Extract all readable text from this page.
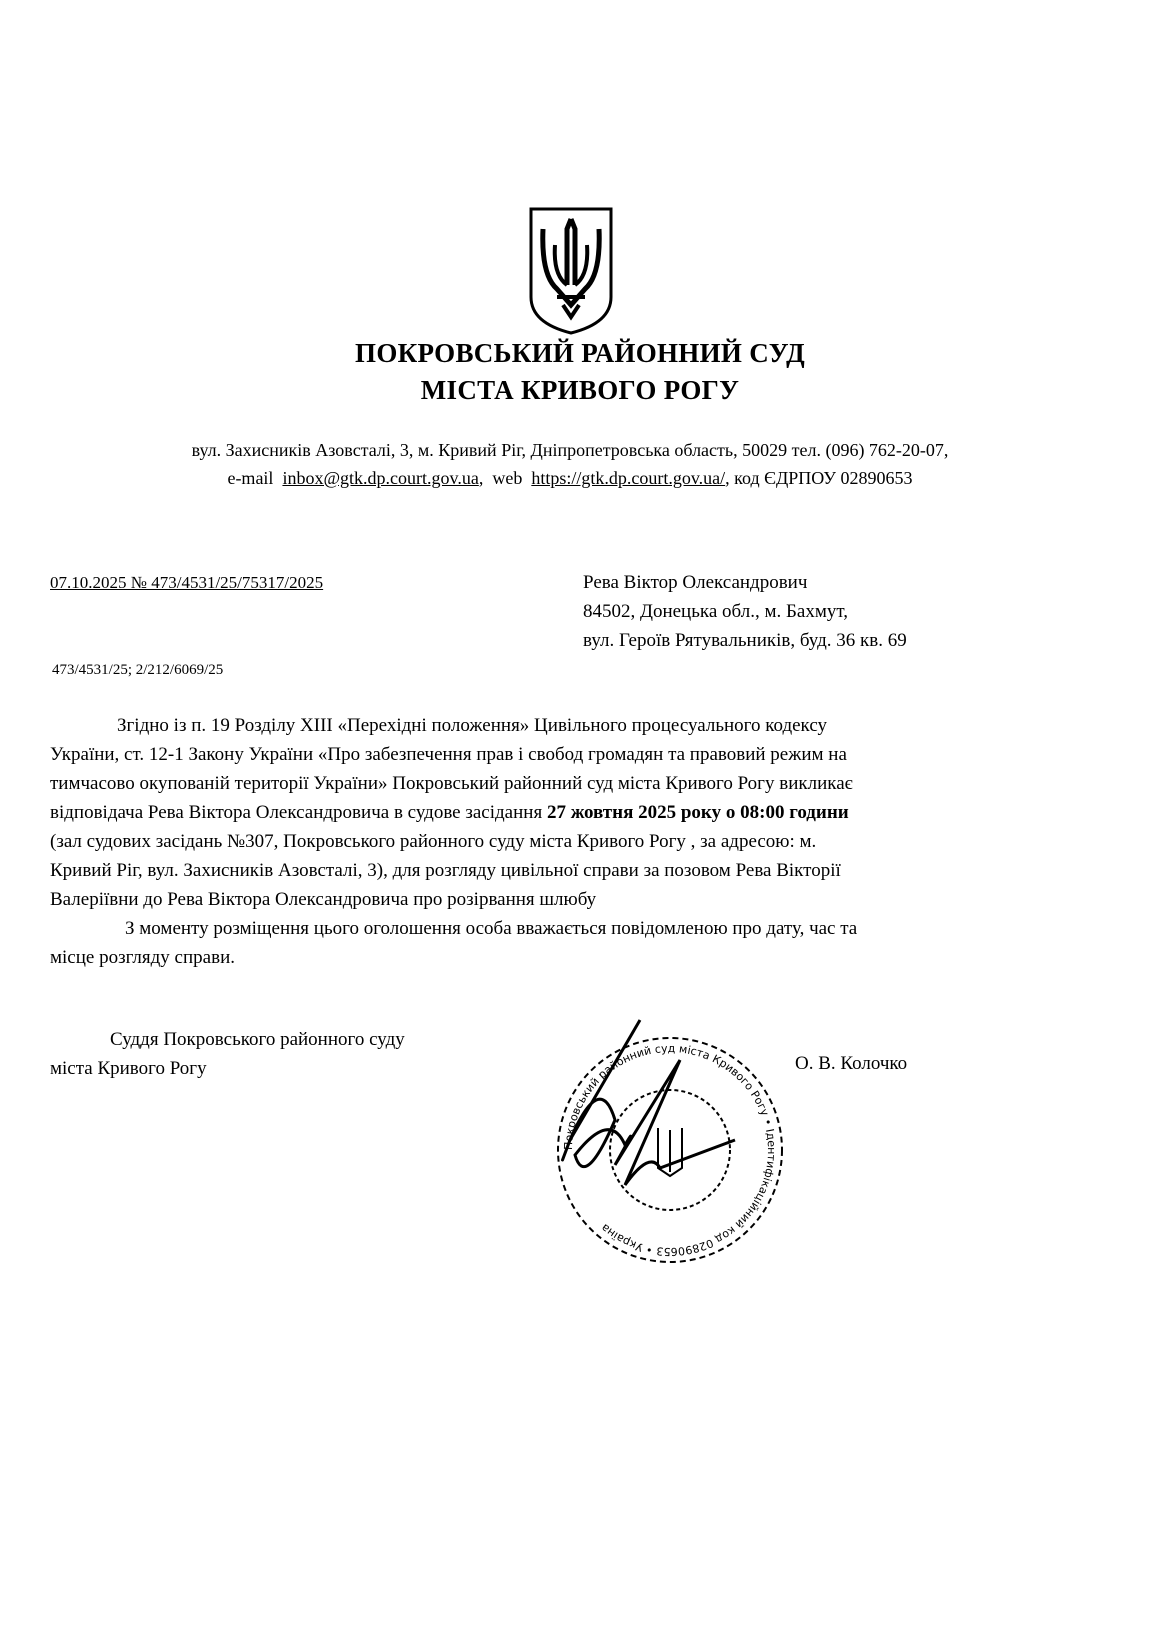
ПОКРОВСЬКИЙ РАЙОННИЙ СУД
МІСТА КРИВОГО РОГУ
вул. Захисників Азовсталі, 3, м. Кривий Ріг, Дніпропетровська область, 50029 тел. (096) 762-20-07,
e-mail inbox@gtk.dp.court.gov.ua,  web https://gtk.dp.court.gov.ua/, код ЄДРПОУ 02890653
07.10.2025 № 473/4531/25/75317/2025
473/4531/25; 2/212/6069/25
Рева Віктор Олександрович
84502, Донецька обл., м. Бахмут,
вул. Героїв Рятувальників, буд. 36 кв. 69
Згідно із п. 19 Розділу XIII «Перехідні положення» Цивільного процесуального кодексу
України, ст. 12-1 Закону України «Про забезпечення прав і свобод громадян та правовий режим на
тимчасово окупованій території України» Покровський районний суд міста Кривого Рогу викликає
відповідача Рева Віктора Олександровича в судове засідання 27 жовтня 2025 року о 08:00 години
(зал судових засідань №307, Покровського районного суду міста Кривого Рогу , за адресою: м.
Кривий Ріг, вул. Захисників Азовсталі, 3), для розгляду цивільної справи за позовом Рева Вікторії
Валеріївни до Рева Віктора Олександровича про розірвання шлюбу
З моменту розміщення цього оголошення особа вважається повідомленою про дату, час та
місце розгляду справи.
Суддя Покровського районного суду
міста Кривого Рогу	О. В. Колочко
Покровський районний суд міста Кривого Рогу • Ідентифікаційний код 02890653 • Україна
